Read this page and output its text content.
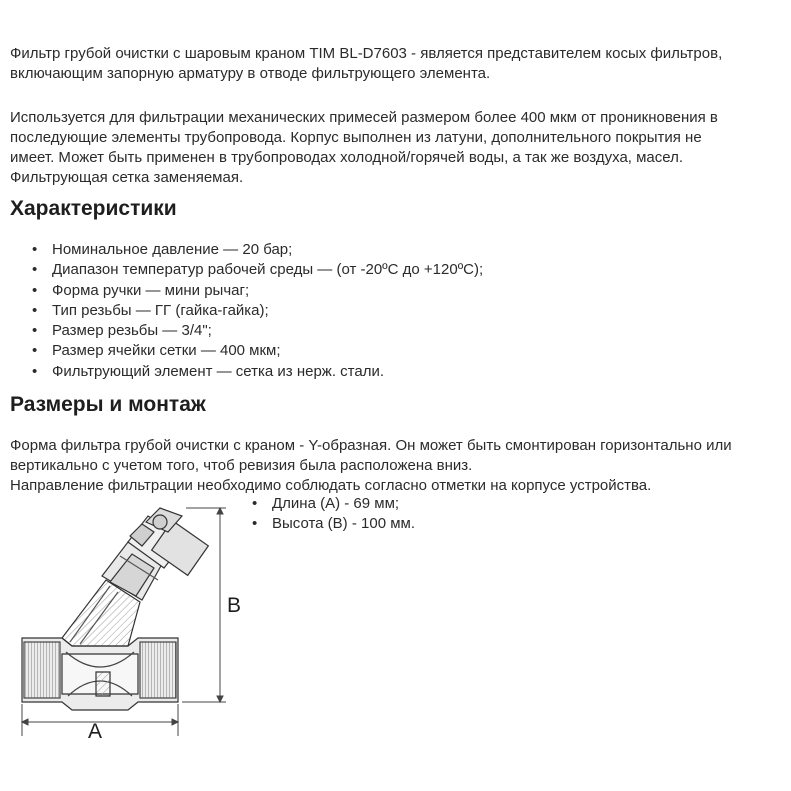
Фильтр грубой очистки с шаровым краном TIM BL-D7603 - является представителем косых фильтров,
включающим запорную арматуру в отводе фильтрующего элемента.

Используется для фильтрации механических примесей размером более 400 мкм от проникновения в
последующие элементы трубопровода. Корпус выполнен из латуни, дополнительного покрытия не
имеет. Может быть применен в трубопроводах холодной/горячей воды, а так же воздуха, масел.
Фильтрующая сетка заменяемая.

Характеристики
• Номинальное давление — 20 бар;
• Диапазон температур рабочей среды — (от -20ºС до +120ºС);
• Форма ручки — мини рычаг;
• Тип резьбы — ГГ (гайка-гайка);
• Размер резьбы — 3/4";
• Размер ячейки сетки — 400 мкм;
• Фильтрующий элемент — сетка из нерж. стали.
Размеры и монтаж

Форма фильтра грубой очистки с краном - Y-образная. Он может быть смонтирован горизонтально или
вертикально с учетом того, чтоб ревизия была расположена вниз.
Направление фильтрации необходимо соблюдать согласно отметки на корпусе устройства.

• Длина (А) - 69 мм;
• Высота (В) - 100 мм.
A
B
